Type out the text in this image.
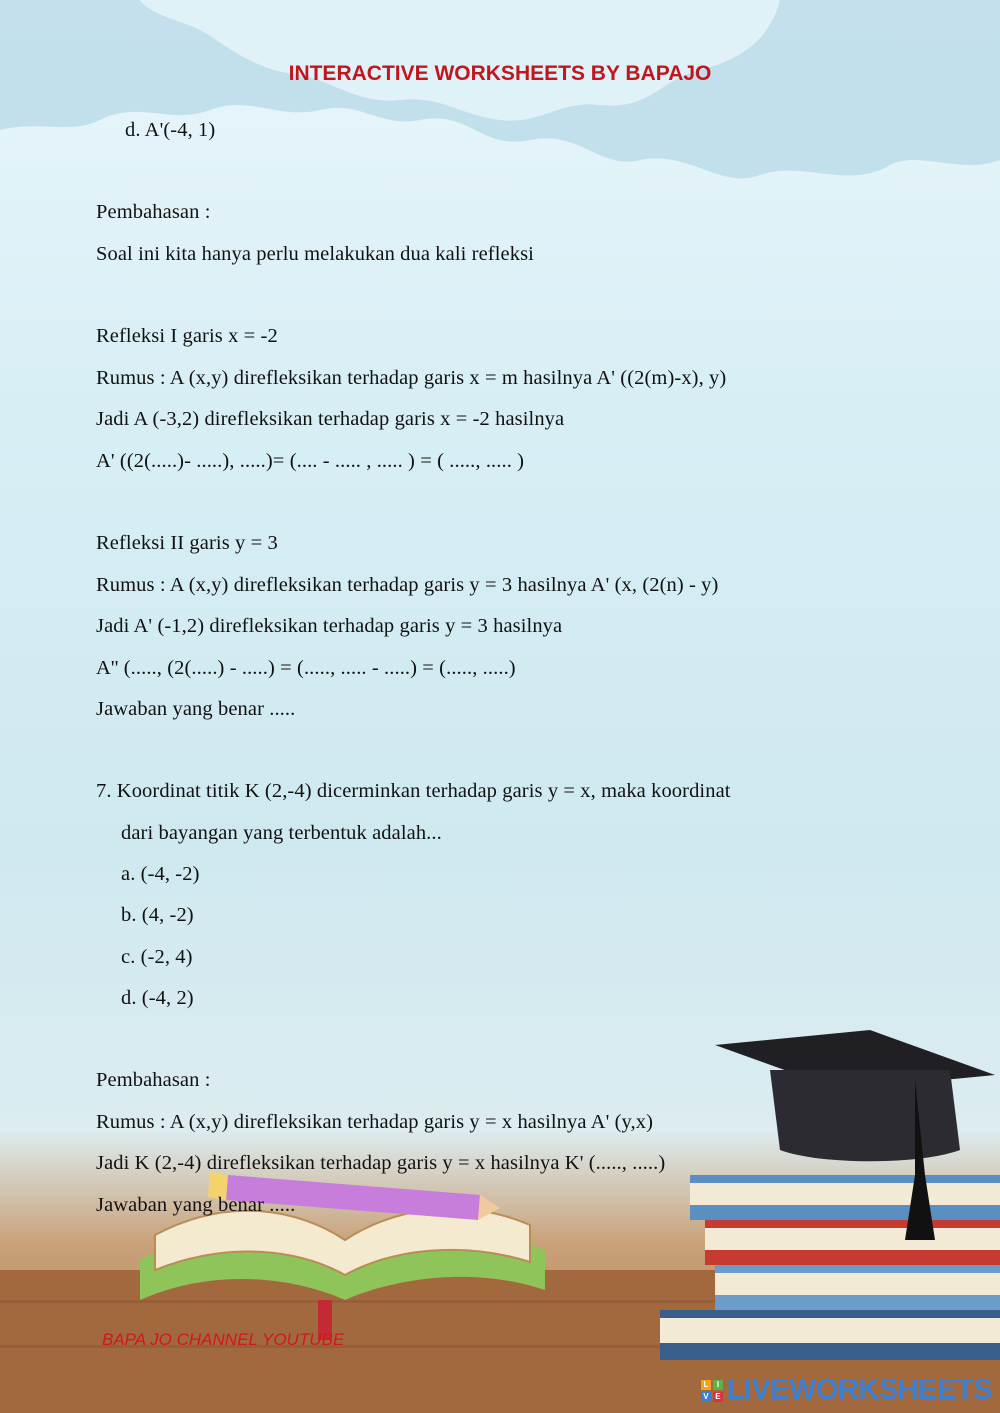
INTERACTIVE WORKSHEETS BY BAPAJO
d. A'(-4, 1)
Pembahasan :
Soal ini kita hanya perlu melakukan dua kali refleksi
Refleksi I garis x = -2
Rumus : A (x,y) direfleksikan terhadap garis x = m hasilnya A' ((2(m)-x), y)
Jadi A (-3,2) direfleksikan terhadap garis x = -2 hasilnya
A' ((2(.....)- .....), .....)= (.... - ..... , ..... ) = ( ....., ..... )
Refleksi II garis y = 3
Rumus : A (x,y) direfleksikan terhadap garis y = 3 hasilnya A' (x, (2(n) - y)
Jadi A' (-1,2) direfleksikan terhadap garis y = 3 hasilnya
A'' (....., (2(.....) - .....) = (....., ..... - .....) = (....., .....)
Jawaban yang benar .....
7. Koordinat titik K (2,-4) dicerminkan terhadap garis y = x, maka koordinat
dari bayangan yang terbentuk adalah...
a. (-4, -2)
b. (4, -2)
c. (-2, 4)
d. (-4, 2)
Pembahasan :
Rumus : A (x,y) direfleksikan terhadap garis y = x hasilnya A' (y,x)
Jadi K (2,-4) direfleksikan terhadap garis y = x hasilnya K' (....., .....)
Jawaban yang benar .....
BAPA JO CHANNEL YOUTUBE
L	I
V E LIVEWORKSHEETS
